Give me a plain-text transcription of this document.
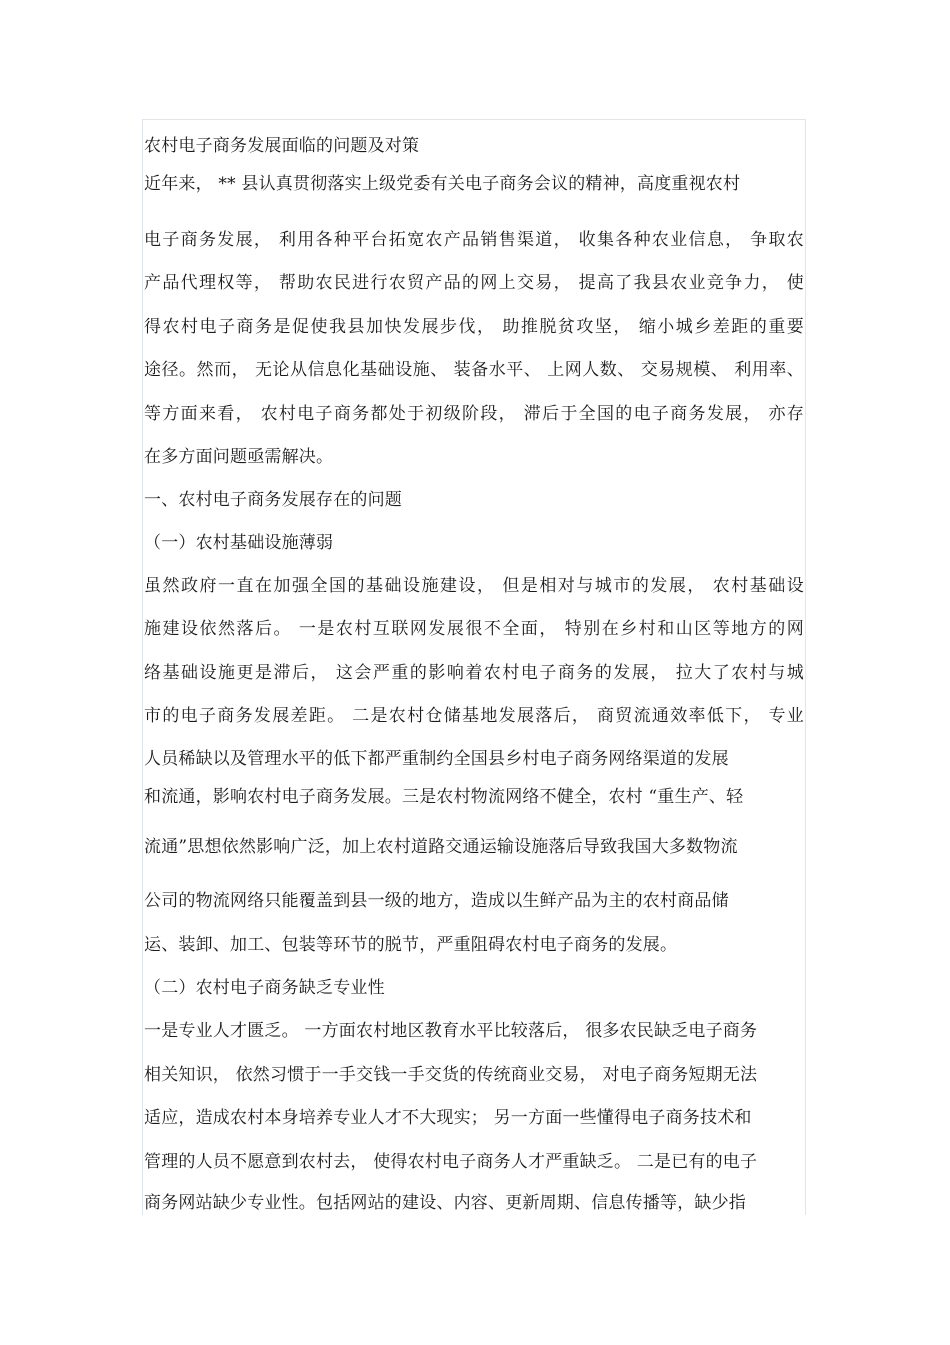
农村电子商务发展面临的问题及对策
近年来， ** 县认真贯彻落实上级党委有关电子商务会议的精神，高度重视农村
电子商务发展， 利用各种平台拓宽农产品销售渠道， 收集各种农业信息， 争取农
产品代理权等， 帮助农民进行农贸产品的网上交易， 提高了我县农业竞争力， 使
得农村电子商务是促使我县加快发展步伐， 助推脱贫攻坚， 缩小城乡差距的重要
途径。然而， 无论从信息化基础设施、 装备水平、 上网人数、 交易规模、 利用率、
等方面来看， 农村电子商务都处于初级阶段， 滞后于全国的电子商务发展， 亦存
在多方面问题亟需解决。
一、农村电子商务发展存在的问题
（一）农村基础设施薄弱
虽然政府一直在加强全国的基础设施建设， 但是相对与城市的发展， 农村基础设
施建设依然落后。 一是农村互联网发展很不全面， 特别在乡村和山区等地方的网
络基础设施更是滞后， 这会严重的影响着农村电子商务的发展， 拉大了农村与城
市的电子商务发展差距。 二是农村仓储基地发展落后， 商贸流通效率低下， 专业
人员稀缺以及管理水平的低下都严重制约全国县乡村电子商务网络渠道的发展
和流通，影响农村电子商务发展。三是农村物流网络不健全，农村 “重生产、轻
流通”思想依然影响广泛，加上农村道路交通运输设施落后导致我国大多数物流
公司的物流网络只能覆盖到县一级的地方，造成以生鲜产品为主的农村商品储
运、装卸、加工、包装等环节的脱节，严重阻碍农村电子商务的发展。
（二）农村电子商务缺乏专业性
一是专业人才匮乏。 一方面农村地区教育水平比较落后， 很多农民缺乏电子商务
相关知识， 依然习惯于一手交钱一手交货的传统商业交易， 对电子商务短期无法
适应，造成农村本身培养专业人才不大现实； 另一方面一些懂得电子商务技术和
管理的人员不愿意到农村去， 使得农村电子商务人才严重缺乏。 二是已有的电子
商务网站缺少专业性。包括网站的建设、内容、更新周期、信息传播等，缺少指
